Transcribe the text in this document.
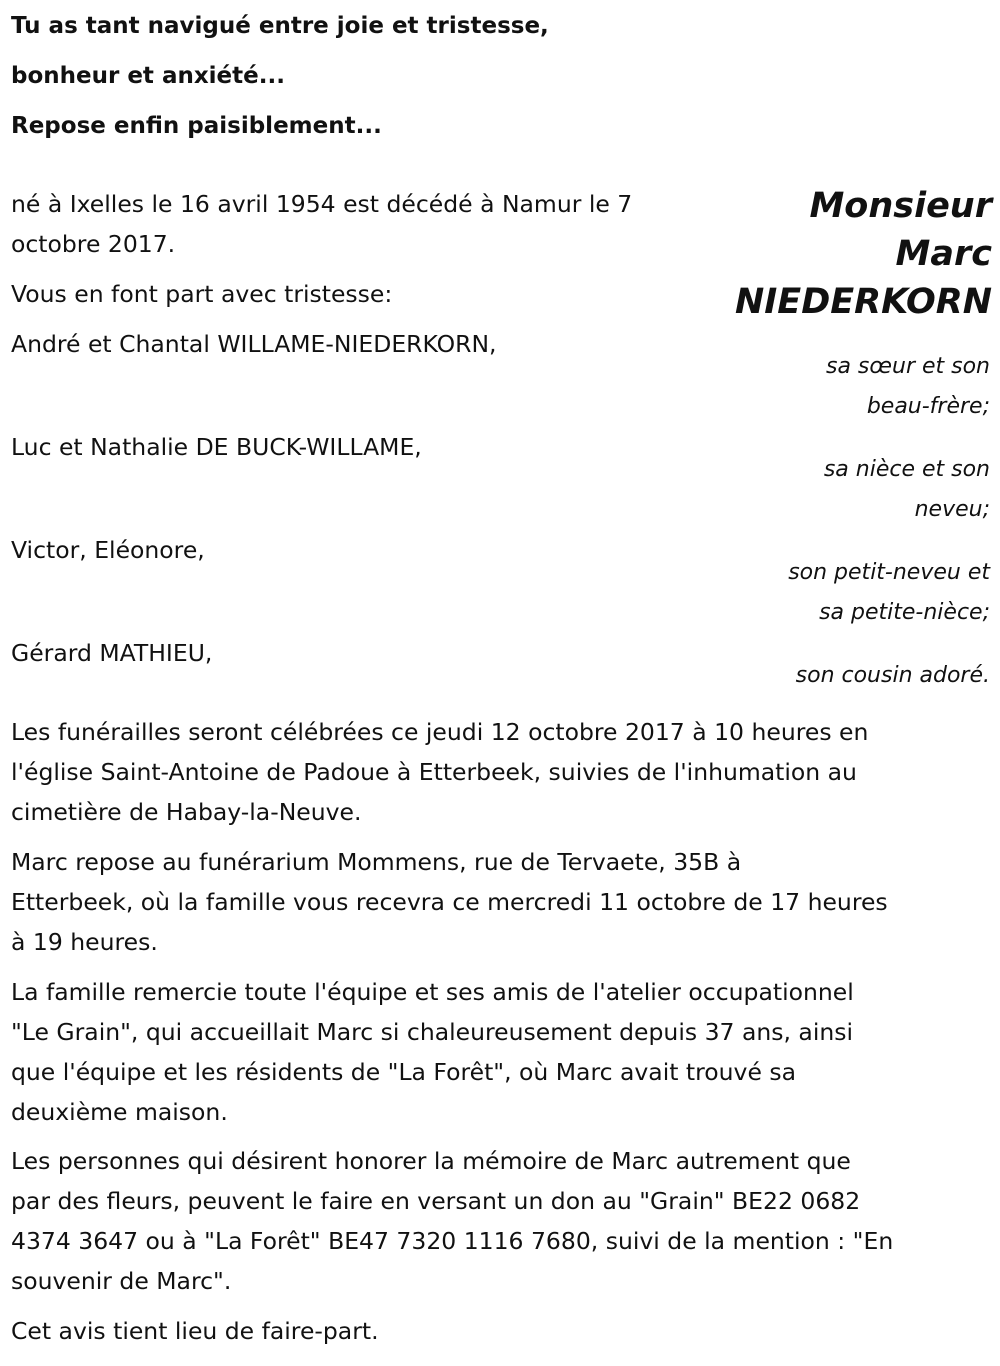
Tu as tant navigué entre joie et tristesse,
bonheur et anxiété...
Repose enfin paisiblement...
Monsieur
Marc
NIEDERKORN
né à Ixelles le 16 avril 1954 est décédé à Namur le 7
octobre 2017.
Vous en font part avec tristesse:
André et Chantal WILLAME-NIEDERKORN,
Luc et Nathalie DE BUCK-WILLAME,
Victor, Eléonore,
Gérard MATHIEU,
sa sœur et son
beau-frère;
sa nièce et son
neveu;
son petit-neveu et
sa petite-nièce;
son cousin adoré.
Les funérailles seront célébrées ce jeudi 12 octobre 2017 à 10 heures en
l'église Saint-Antoine de Padoue à Etterbeek, suivies de l'inhumation au
cimetière de Habay-la-Neuve.
Marc repose au funérarium Mommens, rue de Tervaete, 35B à
Etterbeek, où la famille vous recevra ce mercredi 11 octobre de 17 heures
à 19 heures.
La famille remercie toute l'équipe et ses amis de l'atelier occupationnel
"Le Grain", qui accueillait Marc si chaleureusement depuis 37 ans, ainsi
que l'équipe et les résidents de "La Forêt", où Marc avait trouvé sa
deuxième maison.
Les personnes qui désirent honorer la mémoire de Marc autrement que
par des fleurs, peuvent le faire en versant un don au "Grain" BE22 0682
4374 3647 ou à "La Forêt" BE47 7320 1116 7680, suivi de la mention : "En
souvenir de Marc".
Cet avis tient lieu de faire-part.
